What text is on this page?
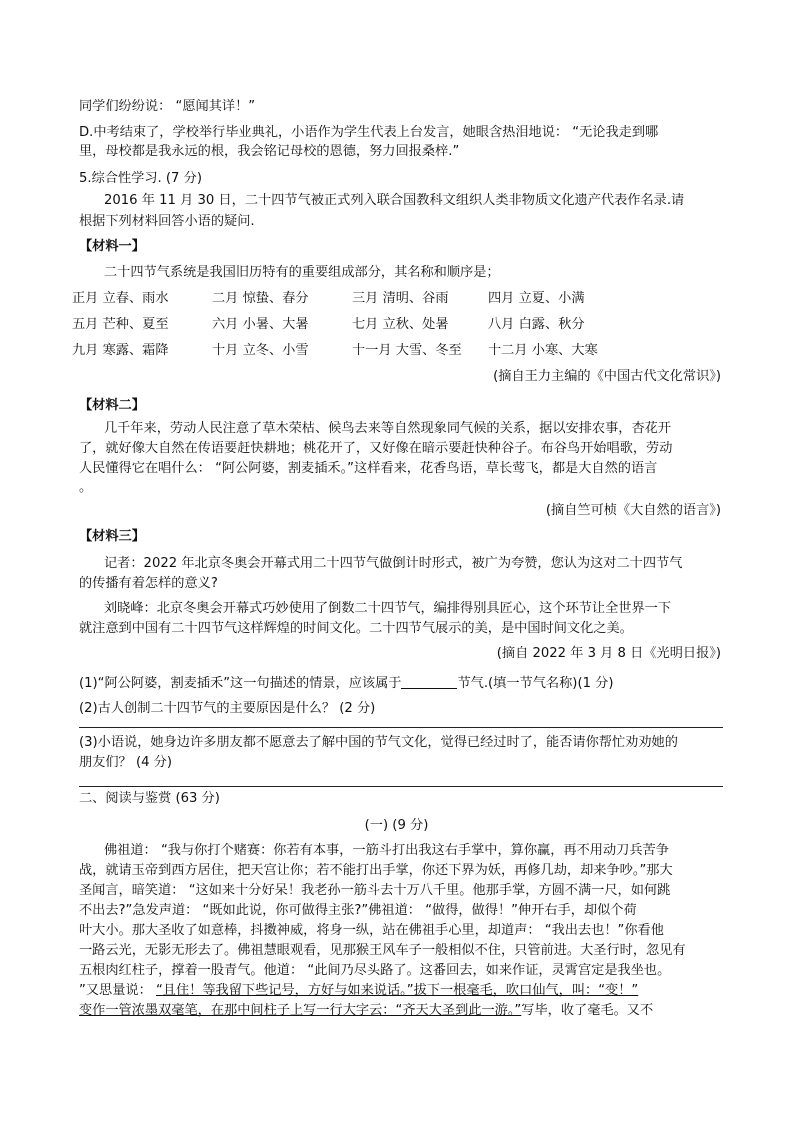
同学们纷纷说： “愿闻其详！”
D.中考结束了，学校举行毕业典礼，小语作为学生代表上台发言，她眼含热泪地说： “无论我走到哪
里，母校都是我永远的根，我会铭记母校的恩德，努力回报桑梓.”
5.综合性学习. (7 分)
2016 年 11 月 30 日，二十四节气被正式列入联合国教科文组织人类非物质文化遗产代表作名录.请
根据下列材料回答小语的疑问.
【材料一】
二十四节气系统是我国旧历特有的重要组成部分，其名称和顺序是；
正月 立春、雨水	二月 惊蛰、春分	三月 清明、谷雨	四月 立夏、小满
五月 芒种、夏至	六月 小暑、大暑	七月 立秋、处暑	八月 白露、秋分
九月 寒露、霜降	十月 立冬、小雪	十一月 大雪、冬至	十二月 小寒、大寒
(摘自王力主编的《中国古代文化常识》)
【材料二】
几千年来，劳动人民注意了草木荣枯、候鸟去来等自然现象同气候的关系，据以安排农事，杏花开
了，就好像大自然在传语要赶快耕地；桃花开了，又好像在暗示要赶快种谷子。布谷鸟开始唱歌，劳动
人民懂得它在唱什么： “阿公阿婆，割麦插禾。”这样看来，花香鸟语，草长莺飞，都是大自然的语言
。
(摘自竺可桢《大自然的语言》)
【材料三】
记者：2022 年北京冬奥会开幕式用二十四节气做倒计时形式，被广为夸赞，您认为这对二十四节气
的传播有着怎样的意义?
刘晓峰：北京冬奥会开幕式巧妙使用了倒数二十四节气，编排得别具匠心，这个环节让全世界一下
就注意到中国有二十四节气这样辉煌的时间文化。二十四节气展示的美，是中国时间文化之美。
(摘自 2022 年 3 月 8 日《光明日报》)
(1)“阿公阿婆，割麦插禾”这一句描述的情景，应该属于	节气.(填一节气名称)(1 分)
(2)古人创制二十四节气的主要原因是什么？ (2 分)
(3)小语说，她身边许多朋友都不愿意去了解中国的节气文化，觉得已经过时了，能否请你帮忙劝劝她的
朋友们？ (4 分)
二、阅读与鉴赏 (63 分)
(一) (9 分)
佛祖道： “我与你打个赌赛：你若有本事，一筋斗打出我这右手掌中，算你赢，再不用动刀兵苦争
战，就请玉帝到西方居住，把天宫让你；若不能打出手掌，你还下界为妖，再修几劫，却来争吵。”那大
圣闻言，暗笑道： “这如来十分好呆！我老孙一筋斗去十万八千里。他那手掌，方圆不满一尺，如何跳
不出去?”急发声道： “既如此说，你可做得主张?”佛祖道： “做得，做得！”伸开右手，却似个荷
叶大小。那大圣收了如意棒，抖擞神威，将身一纵，站在佛祖手心里，却道声： “我出去也！”你看他
一路云光，无影无形去了。佛祖慧眼观看，见那猴王风车子一般相似不住，只管前进。大圣行时，忽见有
五根肉红柱子，撑着一股青气。他道： “此间乃尽头路了。这番回去，如来作证，灵霄宫定是我坐也。
”又思量说： “且住！等我留下些记号，方好与如来说话。”拔下一根毫毛，吹口仙气，叫：“变！”
变作一管浓墨双毫笔，在那中间柱子上写一行大字云：“齐天大圣到此一游。”写毕，收了毫毛。又不
